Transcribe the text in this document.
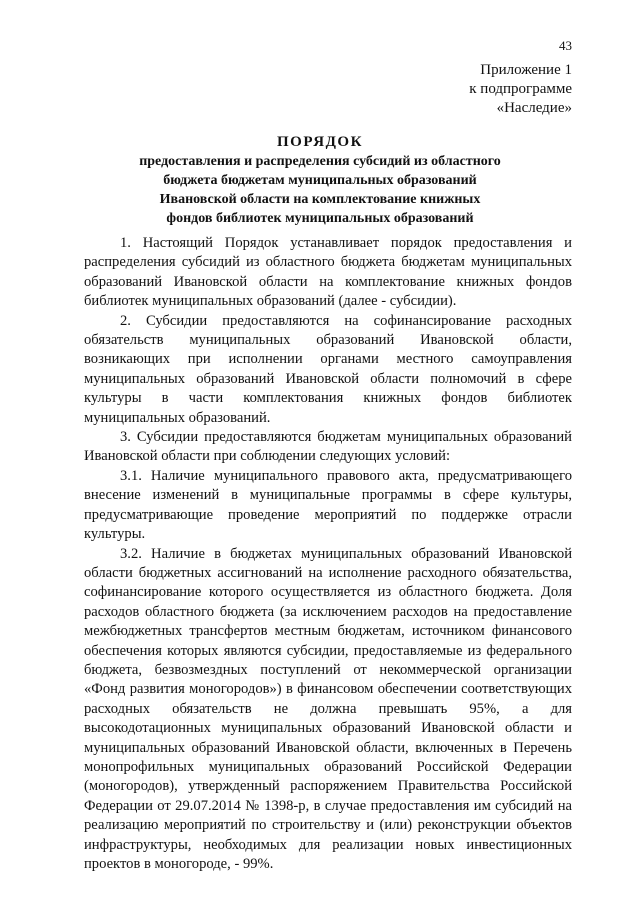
43
Приложение 1
к подпрограмме
«Наследие»
ПОРЯДОК
предоставления и распределения субсидий из областного
бюджета бюджетам муниципальных образований
Ивановской области на комплектование книжных
фондов библиотек муниципальных образований

1. Настоящий Порядок устанавливает порядок предоставления и распределения субсидий из областного бюджета бюджетам муниципальных образований Ивановской области на комплектование книжных фондов библиотек муниципальных образований (далее - субсидии).

2. Субсидии предоставляются на софинансирование расходных обязательств муниципальных образований Ивановской области, возникающих при исполнении органами местного самоуправления муниципальных образований Ивановской области полномочий в сфере культуры в части комплектования книжных фондов библиотек муниципальных образований.

3. Субсидии предоставляются бюджетам муниципальных образований Ивановской области при соблюдении следующих условий:

3.1. Наличие муниципального правового акта, предусматривающего внесение изменений в муниципальные программы в сфере культуры, предусматривающие проведение мероприятий по поддержке отрасли культуры.

3.2. Наличие в бюджетах муниципальных образований Ивановской области бюджетных ассигнований на исполнение расходного обязательства, софинансирование которого осуществляется из областного бюджета. Доля расходов областного бюджета (за исключением расходов на предоставление межбюджетных трансфертов местным бюджетам, источником финансового обеспечения которых являются субсидии, предоставляемые из федерального бюджета, безвозмездных поступлений от некоммерческой организации «Фонд развития моногородов») в финансовом обеспечении соответствующих расходных обязательств не должна превышать 95%, а для высокодотационных муниципальных образований Ивановской области и муниципальных образований Ивановской области, включенных в Перечень монопрофильных муниципальных образований Российской Федерации (моногородов), утвержденный распоряжением Правительства Российской Федерации от 29.07.2014 № 1398-р, в случае предоставления им субсидий на реализацию мероприятий по строительству и (или) реконструкции объектов инфраструктуры, необходимых для реализации новых инвестиционных проектов в моногороде, - 99%.
